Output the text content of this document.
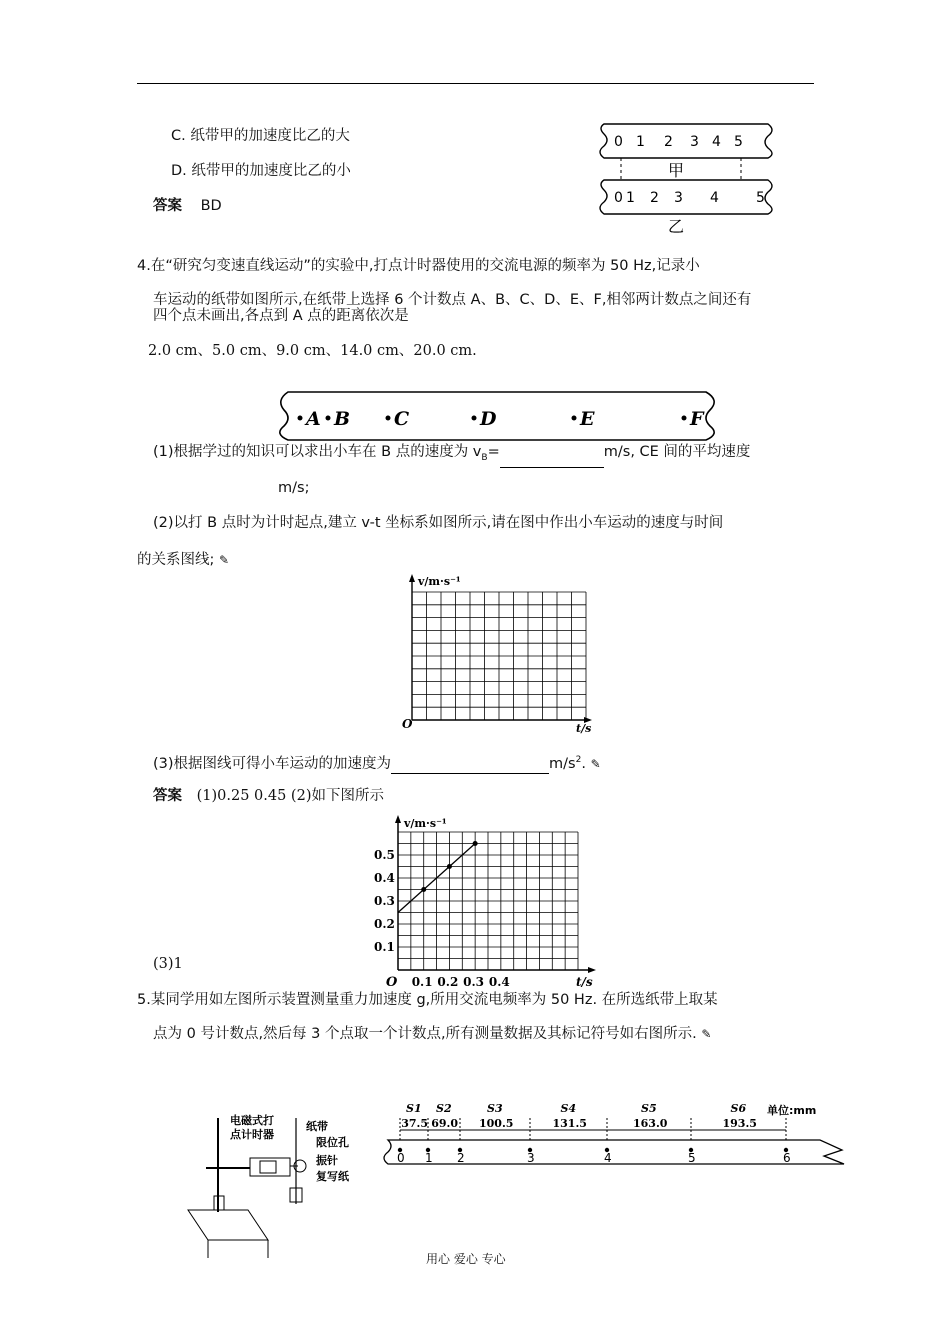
C. 纸带甲的加速度比乙的大
D. 纸带甲的加速度比乙的小
答案 BD
0 1 2 3 4 5
0 1 2 3 4	5
甲
乙
4.在“研究匀变速直线运动”的实验中,打点计时器使用的交流电源的频率为 50 Hz,记录小
车运动的纸带如图所示,在纸带上选择 6 个计数点 A、B、C、D、E、F,相邻两计数点之间还有
四个点未画出,各点到 A 点的距离依次是
2.0 cm、5.0 cm、9.0 cm、14.0 cm、20.0 cm.
A B C	D	E	F
(1)根据学过的知识可以求出小车在 B 点的速度为 $v_B=$	m/s, CE 间的平均速度
m/s;
(2)以打 B 点时为计时起点,建立 v-t 坐标系如图所示,请在图中作出小车运动的速度与时间
的关系图线; ✎
v/m·s⁻¹
t/s
O
(3)根据图线可得小车运动的加速度为	$m/s^2$. ✎
答案 (1)0.25 0.45 (2)如下图所示
0.1
0.2
0.3
0.4
0.5
0.1 0.2 0.3 0.4
v/m·s⁻¹
t/s
O
(3)1
5.某同学用如左图所示装置测量重力加速度 g,所用交流电频率为 50 Hz. 在所选纸带上取某
点为 0 号计数点,然后每 3 个点取一个计数点,所有测量数据及其标记符号如右图所示. ✎
电磁式打
点计时器
纸带
限位孔
振针
复写纸
S1
37.5
S2
69.0
S3
100.5
S4
131.5
S5
163.0
S6
193.5
0 1 2	3	4	5	6
单位:mm
用心 爱心 专心
